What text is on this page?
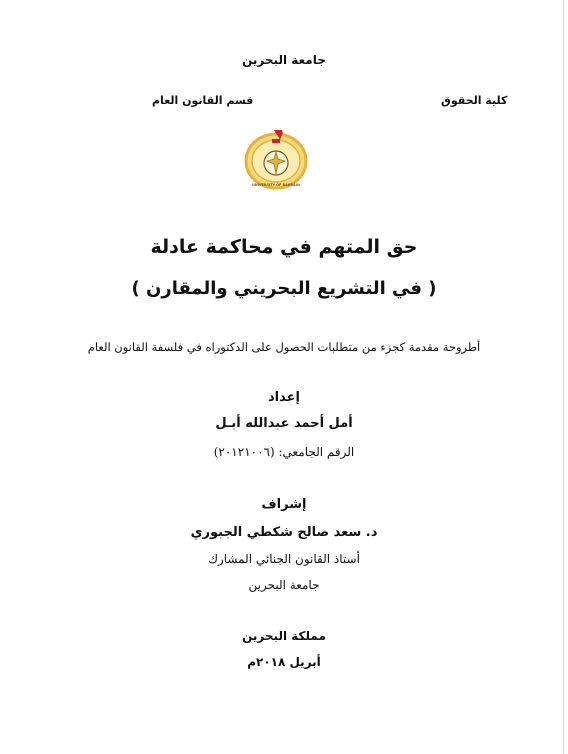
جامعة البحرين
قسم القانون العام	كلية الحقوق
UNIVERSITY OF BAHRAIN
حق المتهم في محاكمة عادلة
( في التشريع البحريني والمقارن )
أطروحة مقدمة كجزء من متطلبات الحصول على الدكتوراه في فلسفة القانون العام
إعداد
أمل أحمد عبدالله أبـل
الرقم الجامعي: (٢٠١٢١٠٠٦)
إشراف
د. سعد صالح شكطي الجبوري
أستاذ القانون الجنائي المشارك
جامعة البحرين
مملكة البحرين
أبريل ٢٠١٨م
